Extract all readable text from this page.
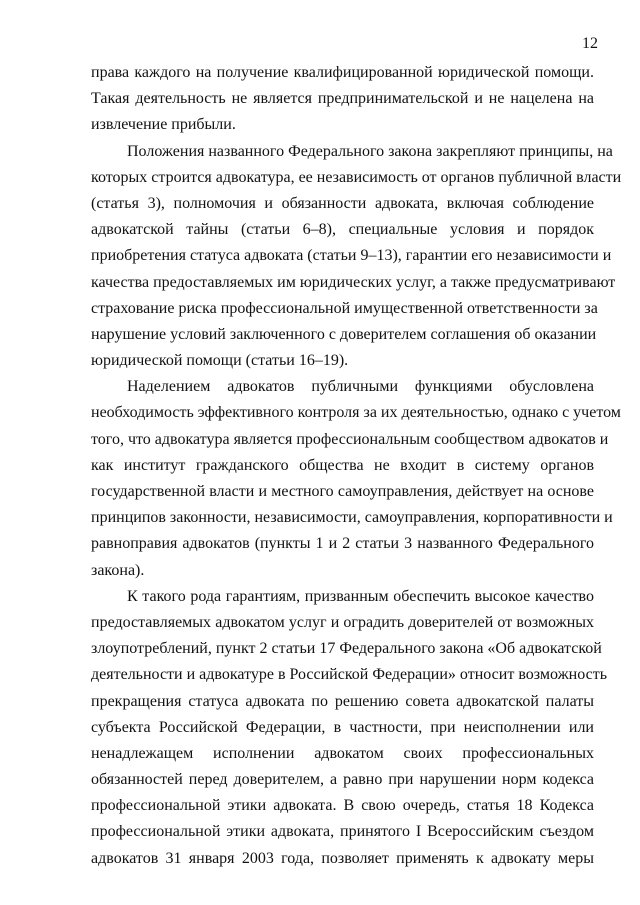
12
права каждого на получение квалифицированной юридической помощи.
Такая деятельность не является предпринимательской и не нацелена на
извлечение прибыли.
Положения названного Федерального закона закрепляют принципы, на
которых строится адвокатура, ее независимость от органов публичной власти
(статья 3), полномочия и обязанности адвоката, включая соблюдение
адвокатской тайны (статьи 6–8), специальные условия и порядок
приобретения статуса адвоката (статьи 9–13), гарантии его независимости и
качества предоставляемых им юридических услуг, а также предусматривают
страхование риска профессиональной имущественной ответственности за
нарушение условий заключенного с доверителем соглашения об оказании
юридической помощи (статьи 16–19).
Наделением адвокатов публичными функциями обусловлена
необходимость эффективного контроля за их деятельностью, однако с учетом
того, что адвокатура является профессиональным сообществом адвокатов и
как институт гражданского общества не входит в систему органов
государственной власти и местного самоуправления, действует на основе
принципов законности, независимости, самоуправления, корпоративности и
равноправия адвокатов (пункты 1 и 2 статьи 3 названного Федерального
закона).
К такого рода гарантиям, призванным обеспечить высокое качество
предоставляемых адвокатом услуг и оградить доверителей от возможных
злоупотреблений, пункт 2 статьи 17 Федерального закона «Об адвокатской
деятельности и адвокатуре в Российской Федерации» относит возможность
прекращения статуса адвоката по решению совета адвокатской палаты
субъекта Российской Федерации, в частности, при неисполнении или
ненадлежащем исполнении адвокатом своих профессиональных
обязанностей перед доверителем, а равно при нарушении норм кодекса
профессиональной этики адвоката. В свою очередь, статья 18 Кодекса
профессиональной этики адвоката, принятого I Всероссийским съездом
адвокатов 31 января 2003 года, позволяет применять к адвокату меры
